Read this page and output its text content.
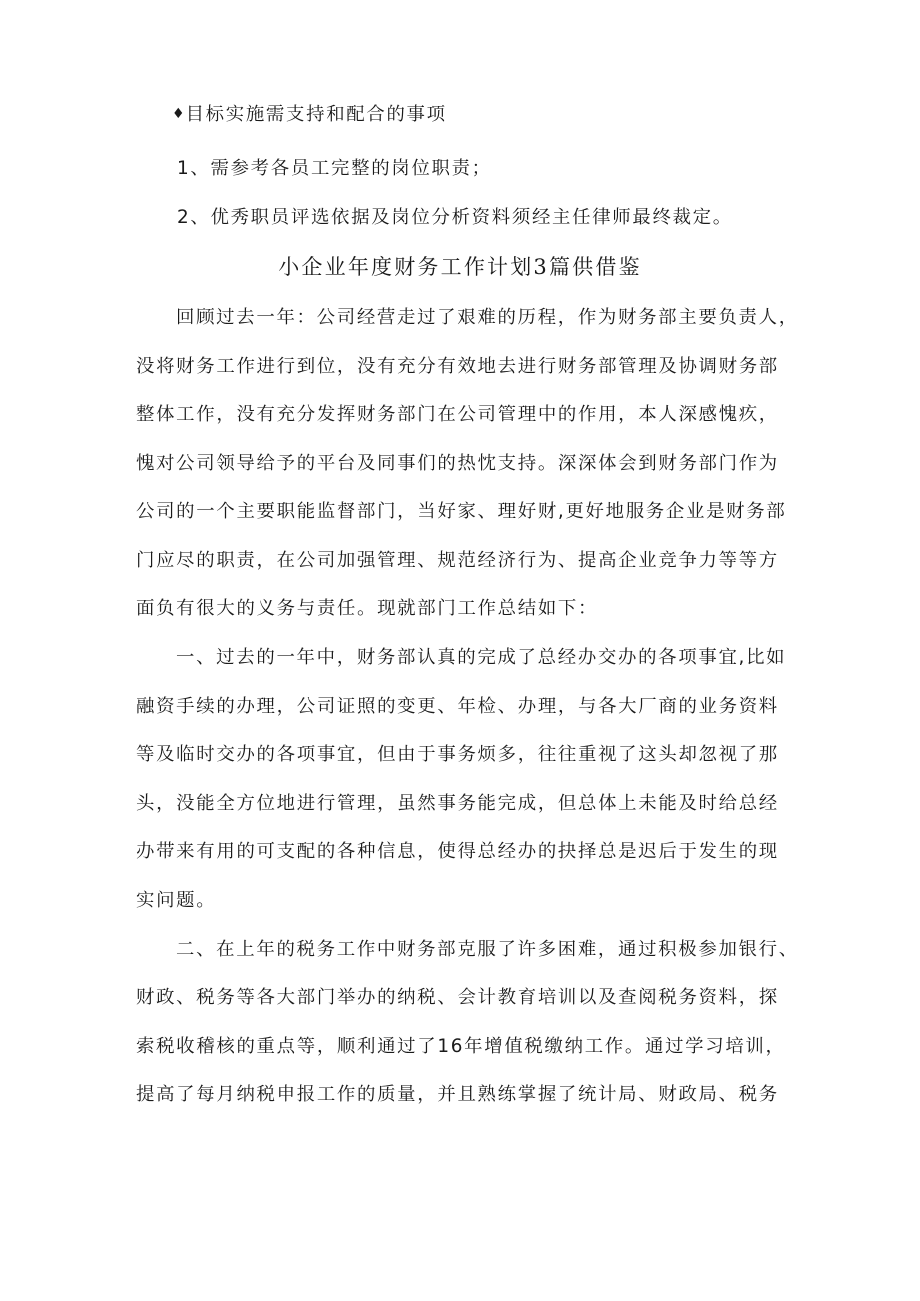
♦目标实施需支持和配合的事项
1、需参考各员工完整的岗位职责；
2、优秀职员评选依据及岗位分析资料须经主任律师最终裁定。
小企业年度财务工作计划3篇供借鉴
回顾过去一年：公司经营走过了艰难的历程，作为财务部主要负责人，
没将财务工作进行到位，没有充分有效地去进行财务部管理及协调财务部
整体工作，没有充分发挥财务部门在公司管理中的作用，本人深感愧疚，
愧对公司领导给予的平台及同事们的热忱支持。深深体会到财务部门作为
公司的一个主要职能监督部门，当好家、理好财,更好地服务企业是财务部
门应尽的职责，在公司加强管理、规范经济行为、提高企业竞争力等等方
面负有很大的义务与责任。现就部门工作总结如下：
一、过去的一年中，财务部认真的完成了总经办交办的各项事宜,比如
融资手续的办理，公司证照的变更、年检、办理，与各大厂商的业务资料
等及临时交办的各项事宜，但由于事务烦多，往往重视了这头却忽视了那
头，没能全方位地进行管理，虽然事务能完成，但总体上未能及时给总经
办带来有用的可支配的各种信息，使得总经办的抉择总是迟后于发生的现
实问题。
二、在上年的税务工作中财务部克服了许多困难，通过积极参加银行、
财政、税务等各大部门举办的纳税、会计教育培训以及查阅税务资料，探
索税收稽核的重点等，顺利通过了16年增值税缴纳工作。通过学习培训，
提高了每月纳税申报工作的质量，并且熟练掌握了统计局、财政局、税务
